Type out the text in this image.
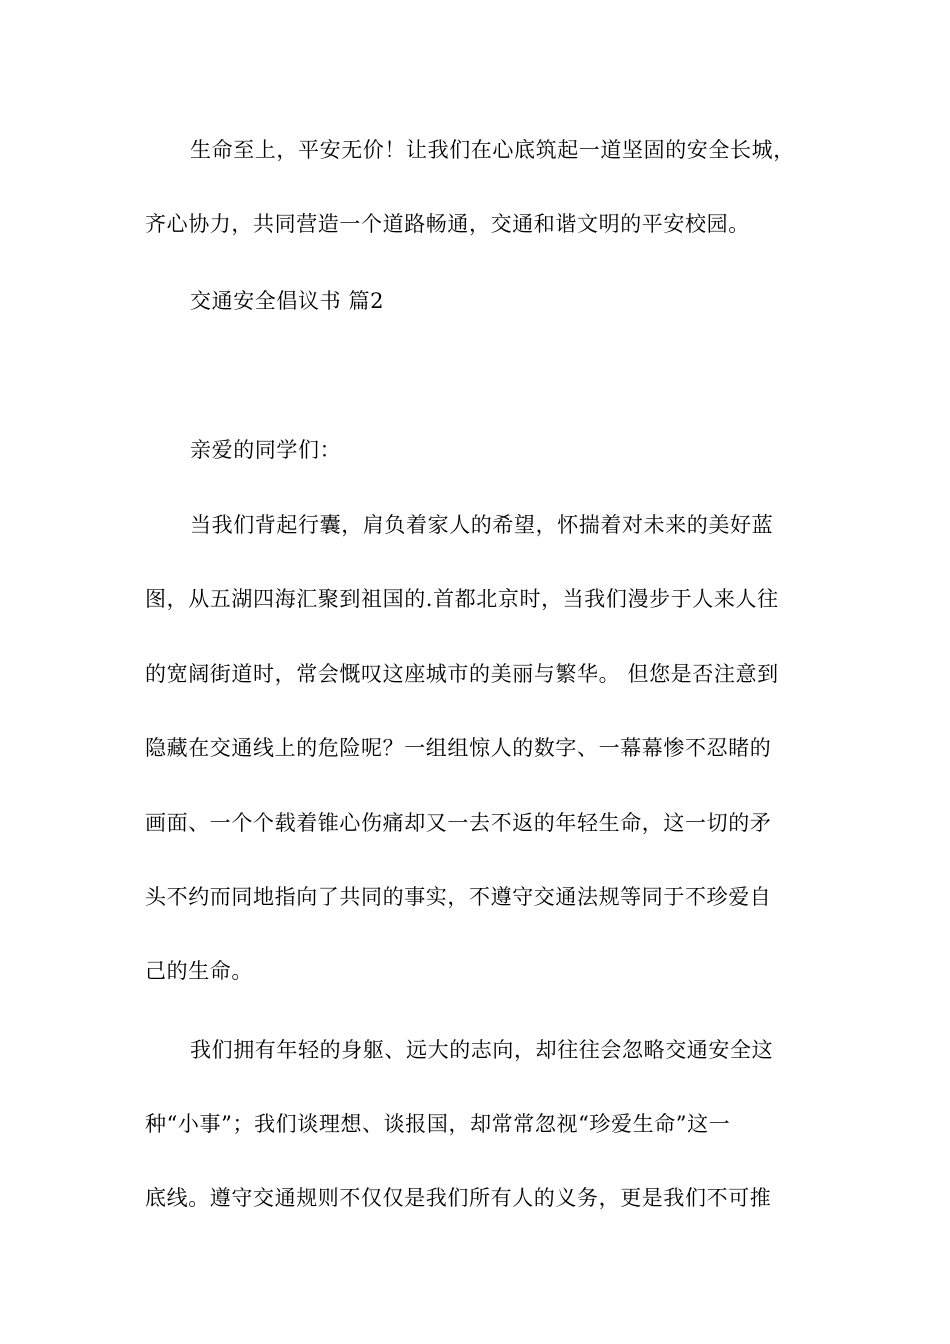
生命至上，平安无价！让我们在心底筑起一道坚固的安全长城，
齐心协力，共同营造一个道路畅通，交通和谐文明的平安校园。
交通安全倡议书 篇2
亲爱的同学们：
当我们背起行囊，肩负着家人的希望，怀揣着对未来的美好蓝
图，从五湖四海汇聚到祖国的.首都北京时，当我们漫步于人来人往
的宽阔街道时，常会慨叹这座城市的美丽与繁华。 但您是否注意到
隐藏在交通线上的危险呢？一组组惊人的数字、一幕幕惨不忍睹的
画面、一个个载着锥心伤痛却又一去不返的年轻生命，这一切的矛
头不约而同地指向了共同的事实，不遵守交通法规等同于不珍爱自
己的生命。
我们拥有年轻的身躯、远大的志向，却往往会忽略交通安全这
种“小事”；我们谈理想、谈报国，却常常忽视“珍爱生命”这一
底线。遵守交通规则不仅仅是我们所有人的义务，更是我们不可推
